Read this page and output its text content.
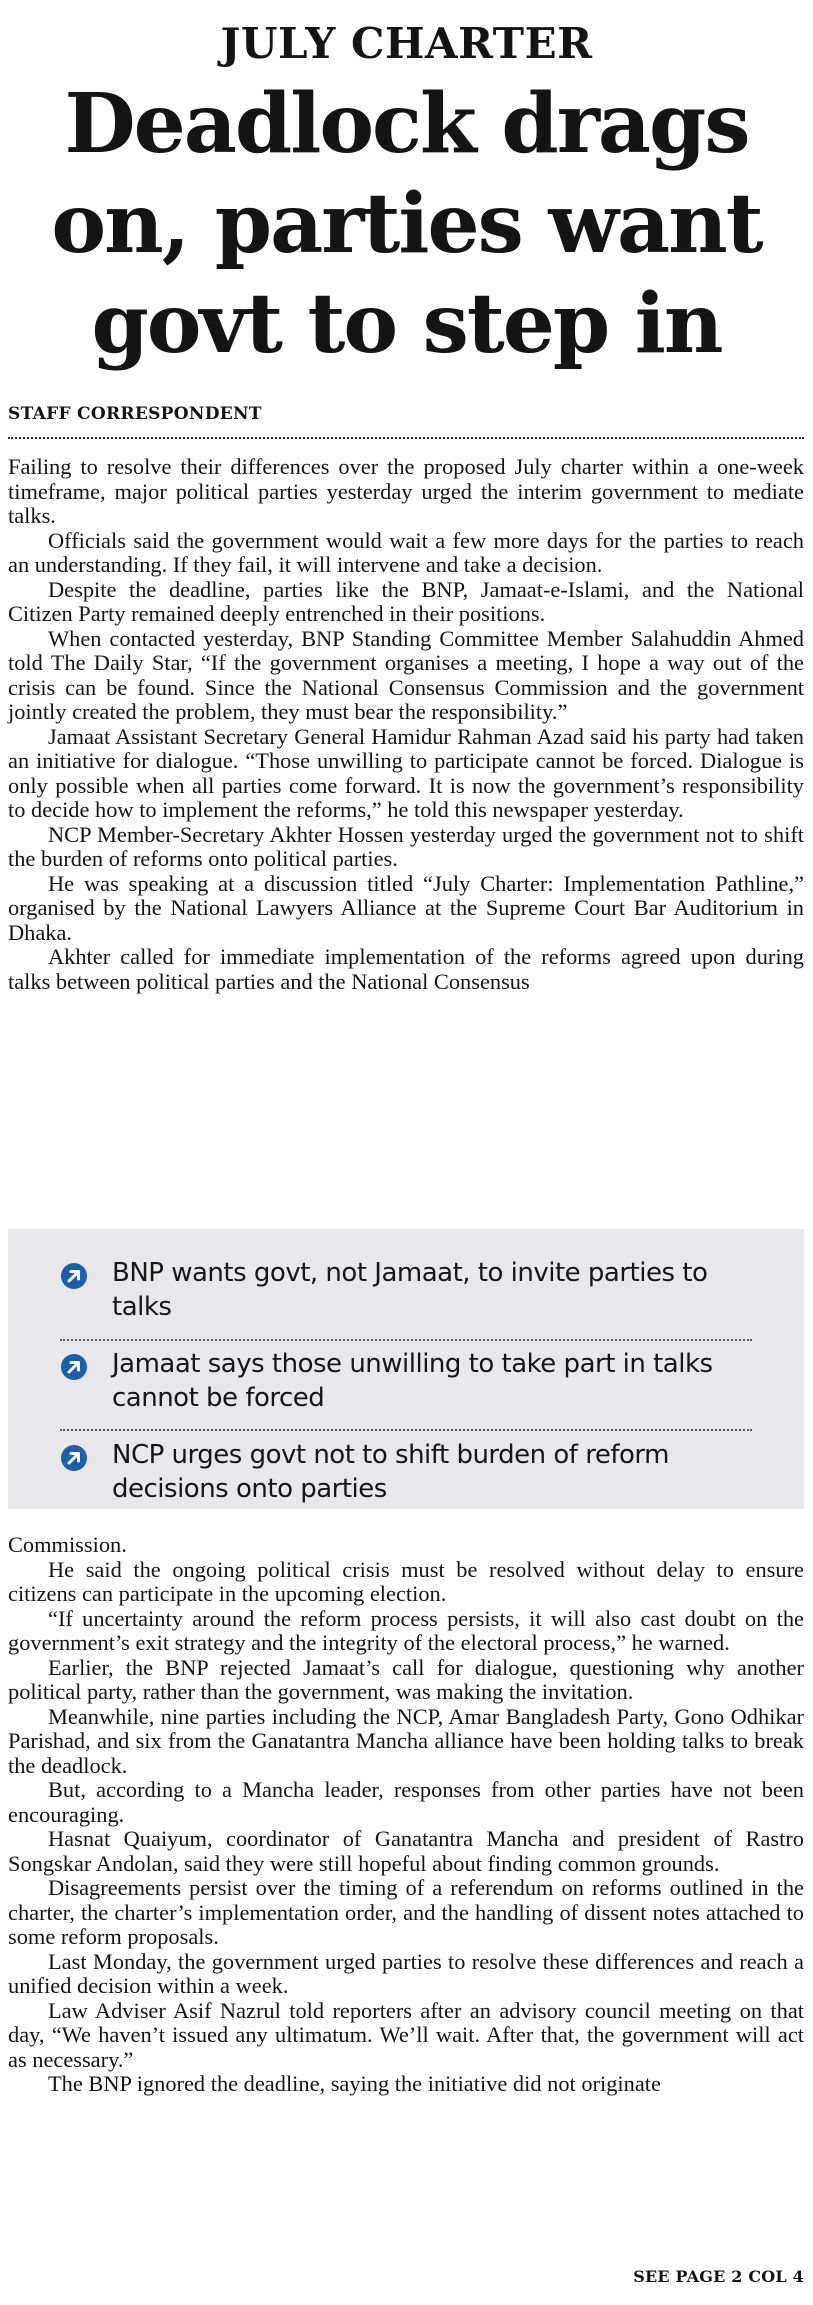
JULY CHARTER
Deadlock drags
on, parties want
govt to step in
STAFF CORRESPONDENT

Failing to resolve their differences over the proposed July charter within a one-week timeframe, major political parties yesterday urged the interim government to mediate talks.

Officials said the government would wait a few more days for the parties to reach an understanding. If they fail, it will intervene and take a decision.

Despite the deadline, parties like the BNP, Jamaat-e-Islami, and the National Citizen Party remained deeply entrenched in their positions.

When contacted yesterday, BNP Standing Committee Member Salahuddin Ahmed told The Daily Star, “If the government organises a meeting, I hope a way out of the crisis can be found. Since the National Consensus Commission and the government jointly created the problem, they must bear the responsibility.”

Jamaat Assistant Secretary General Hamidur Rahman Azad said his party had taken an initiative for dialogue. “Those unwilling to participate cannot be forced. Dialogue is only possible when all parties come forward. It is now the government’s responsibility to decide how to implement the reforms,” he told this newspaper yesterday.

NCP Member-Secretary Akhter Hossen yesterday urged the government not to shift the burden of reforms onto political parties.

He was speaking at a discussion titled “July Charter: Implementation Pathline,” organised by the National Lawyers Alliance at the Supreme Court Bar Auditorium in Dhaka.

Akhter called for immediate implementation of the reforms agreed upon during talks between political parties and the National Consensus

BNP wants govt, not Jamaat, to invite parties to talks
Jamaat says those unwilling to take part in talks cannot be forced
NCP urges govt not to shift burden of reform decisions onto parties

Commission.

He said the ongoing political crisis must be resolved without delay to ensure citizens can participate in the upcoming election.

“If uncertainty around the reform process persists, it will also cast doubt on the government’s exit strategy and the integrity of the electoral process,” he warned.

Earlier, the BNP rejected Jamaat’s call for dialogue, questioning why another political party, rather than the government, was making the invitation.

Meanwhile, nine parties including the NCP, Amar Bangladesh Party, Gono Odhikar Parishad, and six from the Ganatantra Mancha alliance have been holding talks to break the deadlock.

But, according to a Mancha leader, responses from other parties have not been encouraging.

Hasnat Quaiyum, coordinator of Ganatantra Mancha and president of Rastro Songskar Andolan, said they were still hopeful about finding common grounds.

Disagreements persist over the timing of a referendum on reforms outlined in the charter, the charter’s implementation order, and the handling of dissent notes attached to some reform proposals.

Last Monday, the government urged parties to resolve these differences and reach a unified decision within a week.

Law Adviser Asif Nazrul told reporters after an advisory council meeting on that day, “We haven’t issued any ultimatum. We’ll wait. After that, the government will act as necessary.”

The BNP ignored the deadline, saying the initiative did not originate

SEE PAGE 2 COL 4
